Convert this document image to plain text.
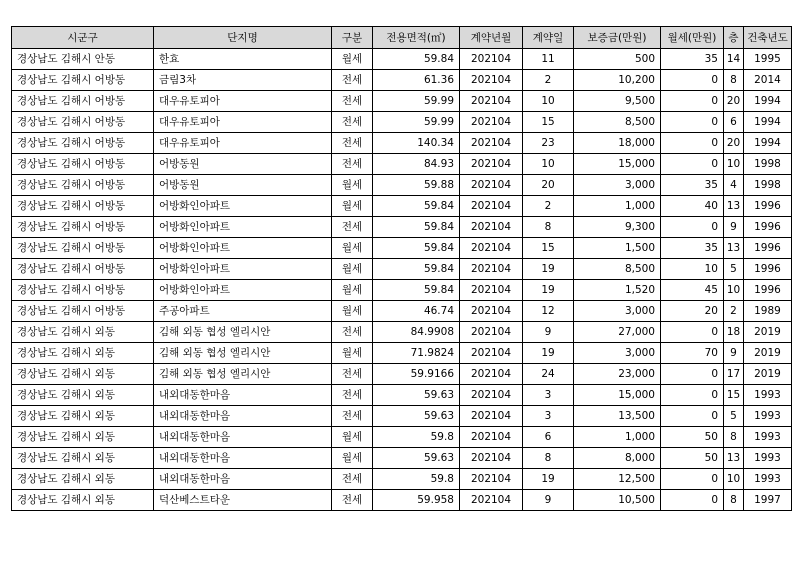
시군구	단지명	구분	전용면적(㎡)	계약년월	계약일	보증금(만원)	월세(만원)	층	건축년도
경상남도 김해시 안동	한효	월세	59.84	202104	11	500	35	14	1995
경상남도 김해시 어방동	금림3차	전세	61.36	202104	2	10,200	0	8	2014
경상남도 김해시 어방동	대우유토피아	전세	59.99	202104	10	9,500	0	20	1994
경상남도 김해시 어방동	대우유토피아	전세	59.99	202104	15	8,500	0	6	1994
경상남도 김해시 어방동	대우유토피아	전세	140.34	202104	23	18,000	0	20	1994
경상남도 김해시 어방동	어방동원	전세	84.93	202104	10	15,000	0	10	1998
경상남도 김해시 어방동	어방동원	월세	59.88	202104	20	3,000	35	4	1998
경상남도 김해시 어방동	어방화인아파트	월세	59.84	202104	2	1,000	40	13	1996
경상남도 김해시 어방동	어방화인아파트	전세	59.84	202104	8	9,300	0	9	1996
경상남도 김해시 어방동	어방화인아파트	월세	59.84	202104	15	1,500	35	13	1996
경상남도 김해시 어방동	어방화인아파트	월세	59.84	202104	19	8,500	10	5	1996
경상남도 김해시 어방동	어방화인아파트	월세	59.84	202104	19	1,520	45	10	1996
경상남도 김해시 어방동	주공아파트	월세	46.74	202104	12	3,000	20	2	1989
경상남도 김해시 외동	김해 외동 협성 엘리시안	전세	84.9908	202104	9	27,000	0	18	2019
경상남도 김해시 외동	김해 외동 협성 엘리시안	월세	71.9824	202104	19	3,000	70	9	2019
경상남도 김해시 외동	김해 외동 협성 엘리시안	전세	59.9166	202104	24	23,000	0	17	2019
경상남도 김해시 외동	내외대동한마음	전세	59.63	202104	3	15,000	0	15	1993
경상남도 김해시 외동	내외대동한마음	전세	59.63	202104	3	13,500	0	5	1993
경상남도 김해시 외동	내외대동한마음	월세	59.8	202104	6	1,000	50	8	1993
경상남도 김해시 외동	내외대동한마음	월세	59.63	202104	8	8,000	50	13	1993
경상남도 김해시 외동	내외대동한마음	전세	59.8	202104	19	12,500	0	10	1993
경상남도 김해시 외동	덕산베스트타운	전세	59.958	202104	9	10,500	0	8	1997
